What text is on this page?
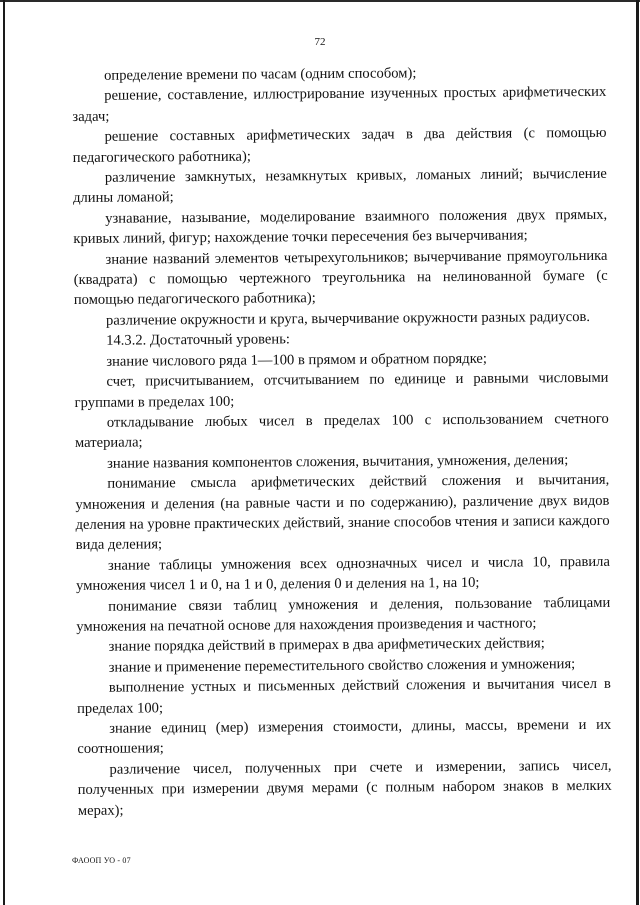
72

определение времени по часам (одним способом);

решение, составление, иллюстрирование изученных простых арифметических задач;

решение составных арифметических задач в два действия (с помощью педагогического работника);

различение замкнутых, незамкнутых кривых, ломаных линий; вычисление длины ломаной;

узнавание, называние, моделирование взаимного положения двух прямых, кривых линий, фигур; нахождение точки пересечения без вычерчивания;

знание названий элементов четырехугольников; вычерчивание прямоугольника (квадрата) с помощью чертежного треугольника на нелинованной бумаге (с помощью педагогического работника);

различение окружности и круга, вычерчивание окружности разных радиусов.

14.3.2. Достаточный уровень:

знание числового ряда 1—100 в прямом и обратном порядке;

счет, присчитыванием, отсчитыванием по единице и равными числовыми группами в пределах 100;

откладывание любых чисел в пределах 100 с использованием счетного материала;

знание названия компонентов сложения, вычитания, умножения, деления;

понимание смысла арифметических действий сложения и вычитания, умножения и деления (на равные части и по содержанию), различение двух видов деления на уровне практических действий, знание способов чтения и записи каждого вида деления;

знание таблицы умножения всех однозначных чисел и числа 10, правила умножения чисел 1 и 0, на 1 и 0, деления 0 и деления на 1, на 10;

понимание связи таблиц умножения и деления, пользование таблицами умножения на печатной основе для нахождения произведения и частного;

знание порядка действий в примерах в два арифметических действия;

знание и применение переместительного свойство сложения и умножения;

выполнение устных и письменных действий сложения и вычитания чисел в пределах 100;

знание единиц (мер) измерения стоимости, длины, массы, времени и их соотношения;

различение чисел, полученных при счете и измерении, запись чисел, полученных при измерении двумя мерами (с полным набором знаков в мелких мерах);

ФАООП УО - 07
